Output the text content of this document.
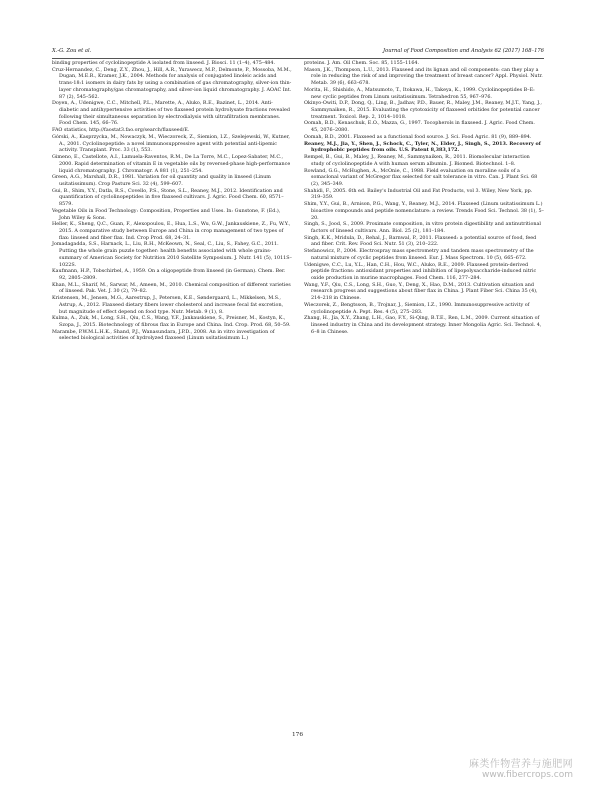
X.-G. Zou et al.	Journal of Food Composition and Analysis 62 (2017) 168–176

binding properties of cyclolinopeptide A isolated from linseed. J. Biosci. 11 (1–4), 475–484.

Cruz-Hernandez, C., Deng, Z.Y., Zhou, J., Hill, A.R., Yurawecz, M.P., Delmonte, P., Mossoba, M.M., Dugan, M.E.R., Kramer, J.K., 2004. Methods for analysis of conjugated linoleic acids and trans-18:1 isomers in dairy fats by using a combination of gas chromatography, silver-ion thin-layer chromatography/gas chromatography, and silver-ion liquid chromatography. J. AOAC Int. 87 (2), 545–562.

Doyen, A., Udenigwe, C.C., Mitchell, P.L., Marette, A., Aluko, R.E., Bazinet, L., 2014. Anti-diabetic and antihypertensive activities of two flaxseed protein hydrolysate fractions revealed following their simultaneous separation by electrodialysis with ultrafiltration membranes. Food Chem. 145, 66–76.

FAO statistics, http://faostat3.fao.org/search/flaxseed/E.

Górski, A., Kasprzycka, M., Nowaczyk, M., Wieczoreck, Z., Siemion, I.Z., Szelejewski, W., Kutner, A., 2001. Cyclolinopeptide: a novel immunosuppressive agent with potential anti-lipemic activity. Transplant. Proc. 33 (1), 553.

Gimeno, E., Castellote, A.I., Lamuela-Raventos, R.M., De La Torre, M.C., Lopez-Sabater, M.C., 2000. Rapid determination of vitamin E in vegetable oils by reversed-phase high-performance liquid chromatography. J. Chromatogr. A 881 (1), 251–254.

Green, A.G., Marshall, D.R., 1981. Variation for oil quantity and quality in linseed (Linum usitatissimum). Crop Pasture Sci. 32 (4), 599–607.

Gui, B., Shim, Y.Y., Datla, R.S., Covello, P.S., Stone, S.L., Reaney, M.J., 2012. Identification and quantification of cyclolinopeptides in five flaxseed cultivars. J. Agric. Food Chem. 60, 8571–8579.

Vegetable Oils in Food Technology: Composition, Properties and Uses. In: Gunstone, F. (Ed.), John Wiley & Sons.

Heller, K., Sheng, Q.C., Guan, F., Alexopoulou, E., Hua, L.S., Wu, G.W., Jankauskiene, Z., Fu, W.Y., 2015. A comparative study between Europe and China in crop management of two types of flax: linseed and fiber flax. Ind. Crop Prod. 68, 24–31.

Jomadagadda, S.S., Harnack, L., Liu, R.H., McKeown, N., Seal, C., Liu, S., Fahey, G.C., 2011. Putting the whole grain puzzle together: health benefits associated with whole grains-summary of American Society for Nutrition 2010 Satellite Symposium. J. Nutr. 141 (5), 1011S–1022S.

Kaufmann, H.P., Tobschirbel, A., 1959. On a oligopeptide from linseed (in German). Chem. Ber. 92, 2805–2809.

Khan, M.L., Sharif, M., Sarwar, M., Ameen, M., 2010. Chemical composition of different varieties of linseed. Pak. Vet. J. 30 (2), 79–82.

Kristensen, M., Jensen, M.G., Aarestrup, J., Petersen, K.E., Søndergaard, L., Mikkelsen, M.S., Astrup, A., 2012. Flaxseed dietary fibers lower cholesterol and increase fecal fat excretion, but magnitude of effect depend on food type. Nutr. Metab. 9 (1), 8.

Kulma, A., Zuk, M., Long, S.H., Qiu, C.S., Wang, Y.F., Jankauskiene, S., Preisner, M., Kostyn, K., Szopa, J., 2015. Biotechnology of fibrous flax in Europe and China. Ind. Crop. Prod. 68, 50–59.

Marambe, P.W.M.L.H.K., Shand, P.J., Wanasundara, J.P.D., 2008. An in vitro investigation of selected biological activities of hydrolyzed flaxseed (Linum usitatissimum L.)

proteins. J. Am. Oil Chem. Soc. 85, 1155–1164.

Mason, J.K., Thompson, L.U., 2013. Flaxseed and its lignan and oil components: can they play a role in reducing the risk of and improving the treatment of breast cancer? Appl. Physiol. Nutr. Metab. 39 (6), 663–678.

Morita, H., Shishido, A., Matsumoto, T., Itokawa, H., Takeya, K., 1999. Cyclolinopeptides B–E: new cyclic peptides from Linum usitatissimum. Tetrahedron 55, 967–976.

Okinyo-Owiti, D.P., Dong, Q., Ling, B., Jadhav, P.D., Bauer, R., Maley, J.M., Reaney, M.J.T., Yang, J., Sammynaiken, R., 2015. Evaluating the cytotoxicity of flaxseed orbitides for potential cancer treatment. Toxicol. Rep. 2, 1014–1018.

Oomah, B.D., Kenaschuk, E.O., Mazza, G., 1997. Tocopherols in flaxseed. J. Agric. Food Chem. 45, 2076–2080.

Oomah, B.D., 2001. Flaxseed as a functional food source. J. Sci. Food Agric. 81 (9), 889–894.

Reaney, M.J., Jia, Y., Shen, J., Schock, C., Tyler, N., Elder, J., Singh, S., 2013. Recovery of hydrophobic peptides from oils. U.S. Patent 8,383,172.

Rempel, B., Gui, B., Maley, J., Reaney, M., Sammynaiken, R., 2011. Biomolecular interaction study of cyclolinopeptide A with human serum albumin. J. Biomed. Biotechnol. 1–8.

Rowland, G.G., McHughen, A., McOnie, C., 1988. Field evaluation on moraline soils of a somaclonal variant of McGregor flax selected for salt tolerance in vitro. Can. J. Plant Sci. 68 (2), 345–349.

Shahidi, F., 2005. 6th ed. Bailey's Industrial Oil and Fat Products, vol 3. Wiley, New York, pp. 319–359.

Shim, Y.Y., Gui, B., Arnison, P.G., Wang, Y., Reaney, M.J., 2014. Flaxseed (Linum usitatissimum L.) bioactive compounds and peptide nomenclature: a review. Trends Food Sci. Technol. 38 (1), 5–20.

Singh, S., Jood, S., 2009. Proximate composition, in vitro protein digestibility and antinutritional factors of linseed cultivars. Ann. Biol. 25 (2), 181–184.

Singh, K.K., Mridula, D., Rehal, J., Barnwal, P., 2011. Flaxseed: a potential source of food, feed and fiber. Crit. Rev. Food Sci. Nutr. 51 (3), 210–222.

Stefanowicz, P., 2004. Electrospray mass spectrometry and tandem mass spectrometry of the natural mixture of cyclic peptides from linseed. Eur. J. Mass Spectrom. 10 (5), 665–672.

Udenigwe, C.C., Lu, Y.L., Han, C.H., Hou, W.C., Aluko, R.E., 2009. Flaxseed protein-derived peptide fractions: antioxidant properties and inhibition of lipopolysaccharide-induced nitric oxide production in murine macrophages. Food Chem. 116, 277–284.

Wang, Y.F., Qiu, C.S., Long, S.H., Guo, Y., Deng, X., Hao, D.M., 2013. Cultivation situation and research progress and suggestions about fiber flax in China. J. Plant Fiber Sci. China 35 (4), 214–218 in Chinese.

Wieczorek, Z., Bengtsson, B., Trojnar, J., Siemion, I.Z., 1990. Immunosuppressive activity of cyclolinopeptide A. Pept. Res. 4 (5), 275–283.

Zhang, H., Jia, X.Y., Zhang, L.H., Gao, F.Y., Si-Qing, B.T.E., Ren, L.M., 2009. Current situation of linseed industry in China and its development strategy. Inner Mongolia Agric. Sci. Technol. 4, 6–8 in Chinese.

176
麻类作物营养与施肥网
www.fibercrops.com
